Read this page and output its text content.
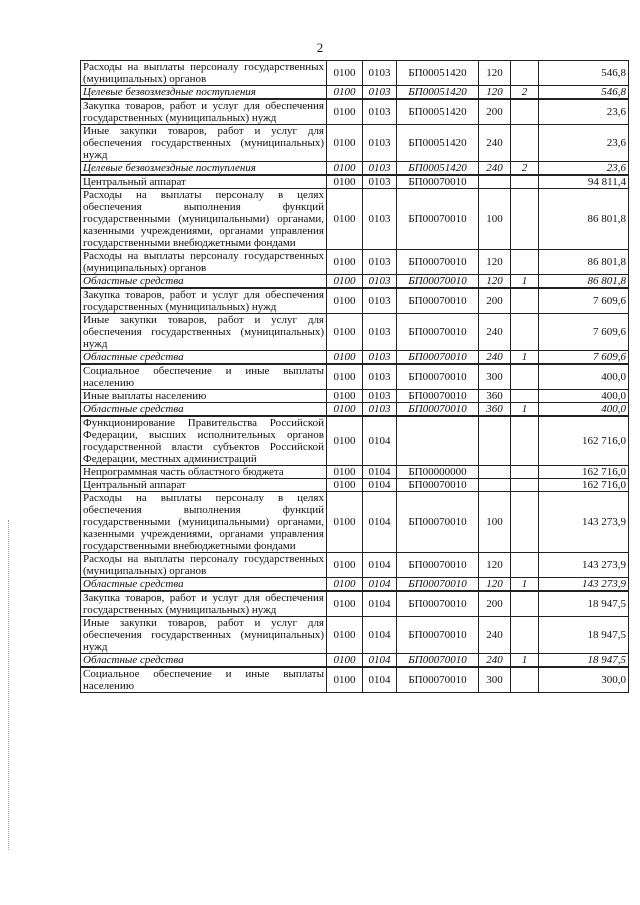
2
Расходы на выплаты персоналу государственных (муниципальных) органов	0100	0103	БП00051420	120		546,8
Целевые безвозмездные поступления	0100	0103	БП00051420	120	2	546,8
Закупка товаров, работ и услуг для обеспечения государственных (муниципальных) нужд	0100	0103	БП00051420	200		23,6
Иные закупки товаров, работ и услуг для обеспечения государственных (муниципальных) нужд	0100	0103	БП00051420	240		23,6
Целевые безвозмездные поступления	0100	0103	БП00051420	240	2	23,6
Центральный аппарат	0100	0103	БП00070010			94 811,4
Расходы на выплаты персоналу в целях обеспечения выполнения функций государственными (муниципальными) органами, казенными учреждениями, органами управления государственными внебюджетными фондами	0100	0103	БП00070010	100		86 801,8
Расходы на выплаты персоналу государственных (муниципальных) органов	0100	0103	БП00070010	120		86 801,8
Областные средства	0100	0103	БП00070010	120	1	86 801,8
Закупка товаров, работ и услуг для обеспечения государственных (муниципальных) нужд	0100	0103	БП00070010	200		7 609,6
Иные закупки товаров, работ и услуг для обеспечения государственных (муниципальных) нужд	0100	0103	БП00070010	240		7 609,6
Областные средства	0100	0103	БП00070010	240	1	7 609,6
Социальное обеспечение и иные выплаты населению	0100	0103	БП00070010	300		400,0
Иные выплаты населению	0100	0103	БП00070010	360		400,0
Областные средства	0100	0103	БП00070010	360	1	400,0
Функционирование Правительства Российской Федерации, высших исполнительных органов государственной власти субъектов Российской Федерации, местных администраций	0100	0104				162 716,0
Непрограммная часть областного бюджета	0100	0104	БП00000000			162 716,0
Центральный аппарат	0100	0104	БП00070010			162 716,0
Расходы на выплаты персоналу в целях обеспечения выполнения функций государственными (муниципальными) органами, казенными учреждениями, органами управления государственными внебюджетными фондами	0100	0104	БП00070010	100		143 273,9
Расходы на выплаты персоналу государственных (муниципальных) органов	0100	0104	БП00070010	120		143 273,9
Областные средства	0100	0104	БП00070010	120	1	143 273,9
Закупка товаров, работ и услуг для обеспечения государственных (муниципальных) нужд	0100	0104	БП00070010	200		18 947,5
Иные закупки товаров, работ и услуг для обеспечения государственных (муниципальных) нужд	0100	0104	БП00070010	240		18 947,5
Областные средства	0100	0104	БП00070010	240	1	18 947,5
Социальное обеспечение и иные выплаты населению	0100	0104	БП00070010	300		300,0
